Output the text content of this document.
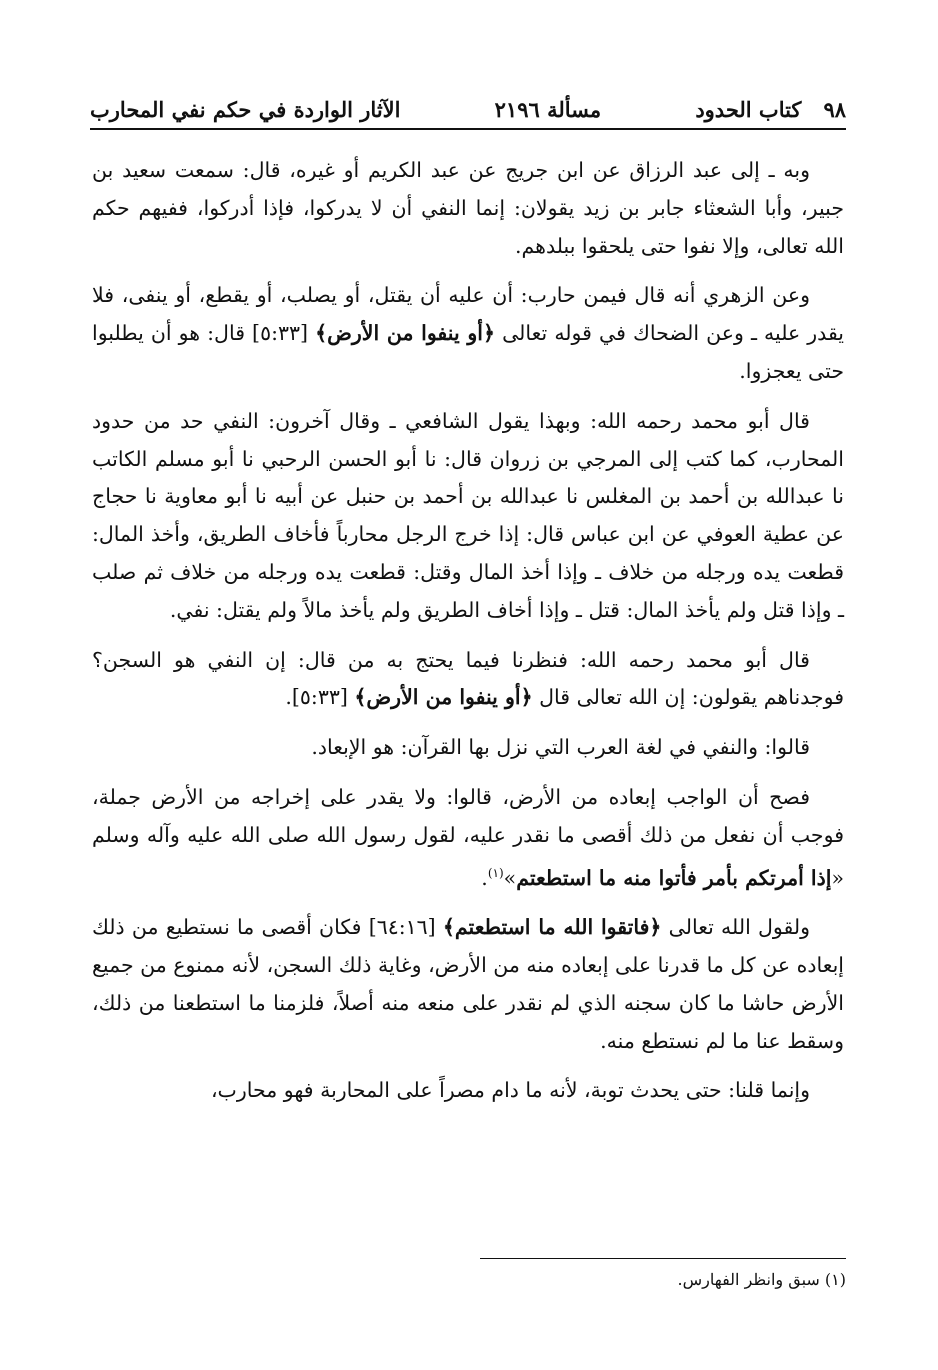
٩٨
كتاب الحدود
مسألة ٢١٩٦
الآثار الواردة في حكم نفي المحارب

وبه ـ إلى عبد الرزاق عن ابن جريج عن عبد الكريم أو غيره، قال: سمعت سعيد بن جبير، وأبا الشعثاء جابر بن زيد يقولان: إنما النفي أن لا يدركوا، فإذا أدركوا، ففيهم حكم الله تعالى، وإلا نفوا حتى يلحقوا ببلدهم.

وعن الزهري أنه قال فيمن حارب: أن عليه أن يقتل، أو يصلب، أو يقطع، أو ينفى، فلا يقدر عليه ـ وعن الضحاك في قوله تعالى ﴿أو ينفوا من الأرض﴾ [٥:٣٣] قال: هو أن يطلبوا حتى يعجزوا.

قال أبو محمد رحمه الله: وبهذا يقول الشافعي ـ وقال آخرون: النفي حد من حدود المحارب، كما كتب إلى المرجي بن زروان قال: نا أبو الحسن الرحبي نا أبو مسلم الكاتب نا عبدالله بن أحمد بن المغلس نا عبدالله بن أحمد بن حنبل عن أبيه نا أبو معاوية نا حجاج عن عطية العوفي عن ابن عباس قال: إذا خرج الرجل محارباً فأخاف الطريق، وأخذ المال: قطعت يده ورجله من خلاف ـ وإذا أخذ المال وقتل: قطعت يده ورجله من خلاف ثم صلب ـ وإذا قتل ولم يأخذ المال: قتل ـ وإذا أخاف الطريق ولم يأخذ مالاً ولم يقتل: نفي.

قال أبو محمد رحمه الله: فنظرنا فيما يحتج به من قال: إن النفي هو السجن؟ فوجدناهم يقولون: إن الله تعالى قال ﴿أو ينفوا من الأرض﴾ [٥:٣٣].

قالوا: والنفي في لغة العرب التي نزل بها القرآن: هو الإبعاد.

فصح أن الواجب إبعاده من الأرض، قالوا: ولا يقدر على إخراجه من الأرض جملة، فوجب أن نفعل من ذلك أقصى ما نقدر عليه، لقول رسول الله صلى الله عليه وآله وسلم «إذا أمرتكم بأمر فأتوا منه ما استطعتم»$^{(١)}$.

ولقول الله تعالى ﴿فاتقوا الله ما استطعتم﴾ [٦٤:١٦] فكان أقصى ما نستطيع من ذلك إبعاده عن كل ما قدرنا على إبعاده منه من الأرض، وغاية ذلك السجن، لأنه ممنوع من جميع الأرض حاشا ما كان سجنه الذي لم نقدر على منعه منه أصلاً، فلزمنا ما استطعنا من ذلك، وسقط عنا ما لم نستطع منه.

وإنما قلنا: حتى يحدث توبة، لأنه ما دام مصراً على المحاربة فهو محارب،

(١) سبق وانظر الفهارس.
